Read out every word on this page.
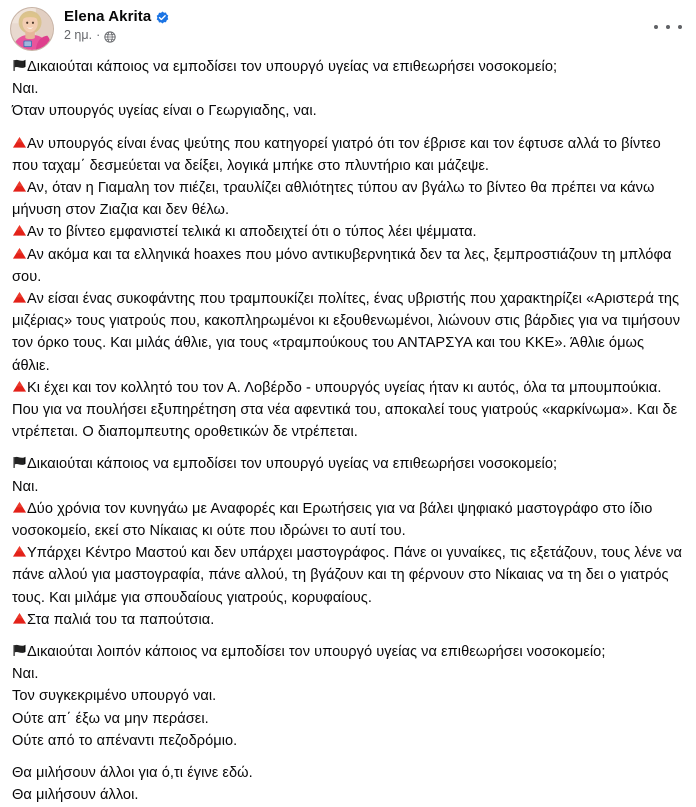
Elena Akrita
2 ημ. ·
Δικαιούται κάποιος να εμποδίσει τον υπουργό υγείας να επιθεωρήσει νοσοκομείο;
Ναι.
Όταν υπουργός υγείας είναι ο Γεωργιαδης, ναι.
Αν υπουργός είναι ένας ψεύτης που κατηγορεί γιατρό ότι τον έβρισε και τον έφτυσε αλλά το βίντεο που ταχαμ΄ δεσμεύεται να δείξει, λογικά μπήκε στο πλυντήριο και μάζεψε.
Αν, όταν η Γιαμαλη τον πιέζει, τραυλίζει αθλιότητες τύπου αν βγάλω το βίντεο θα πρέπει να κάνω μήνυση στον Ζιαζια και δεν θέλω.
Αν το βίντεο εμφανιστεί τελικά κι αποδειχτεί ότι ο τύπος λέει ψέμματα.
Αν ακόμα και τα ελληνικά hoaxes που μόνο αντικυβερνητικά δεν τα λες, ξεμπροστιάζουν τη μπλόφα σου.
Αν είσαι ένας συκοφάντης που τραμπουκίζει πολίτες, ένας υβριστής που χαρακτηρίζει «Αριστερά της μιζέριας» τους γιατρούς που, κακοπληρωμένοι κι εξουθενωμένοι, λιώνουν στις βάρδιες για να τιμήσουν τον όρκο τους. Και μιλάς άθλιε, για τους «τραμπούκους του ΑΝΤΑΡΣΥΑ και του ΚΚΕ». Άθλιε όμως άθλιε.
Κι έχει και τον κολλητό του τον Α. Λοβέρδο - υπουργός υγείας ήταν κι αυτός, όλα τα μπουμπούκια. Που για να πουλήσει εξυπηρέτηση στα νέα αφεντικά του, αποκαλεί τους γιατρούς «καρκίνωμα». Και δε ντρέπεται. Ο διαπομπευτης οροθετικών δε ντρέπεται.
Δικαιούται κάποιος να εμποδίσει τον υπουργό υγείας να επιθεωρήσει νοσοκομείο;
Ναι.
Δύο χρόνια τον κυνηγάω με Αναφορές και Ερωτήσεις για να βάλει ψηφιακό μαστογράφο στο ίδιο νοσοκομείο, εκεί στο Νίκαιας κι ούτε που ιδρώνει το αυτί του.
Υπάρχει Κέντρο Μαστού και δεν υπάρχει μαστογράφος. Πάνε οι γυναίκες, τις εξετάζουν, τους λένε να πάνε αλλού για μαστογραφία, πάνε αλλού, τη βγάζουν και τη φέρνουν στο Νίκαιας να τη δει ο γιατρός τους. Και μιλάμε για σπουδαίους γιατρούς, κορυφαίους.
Στα παλιά του τα παπούτσια.
Δικαιούται λοιπόν κάποιος να εμποδίσει τον υπουργό υγείας να επιθεωρήσει νοσοκομείο;
Ναι.
Τον συγκεκριμένο υπουργό ναι.
Ούτε απ΄ έξω να μην περάσει.
Ούτε από το απέναντι πεζοδρόμιο.
Θα μιλήσουν άλλοι για ό,τι έγινε εδώ.
Θα μιλήσουν άλλοι.
